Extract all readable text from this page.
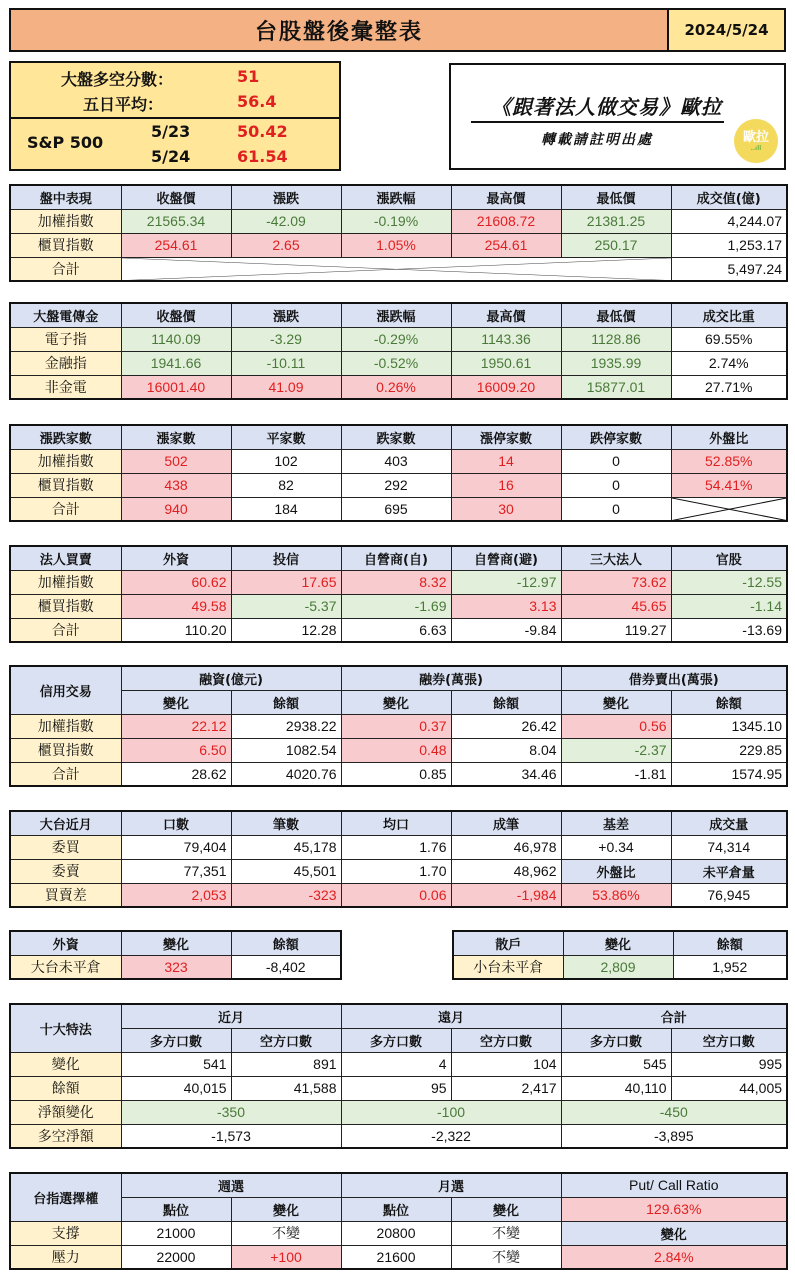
台股盤後彙整表	2024/5/24
大盤多空分數：	51
五日平均：	56.4
S&P 500
5/23	50.42
5/24	61.54
《跟著法人做交易》歐拉
轉載請註明出處	歐拉
..ıll
盤中表現	收盤價	漲跌	漲跌幅	最高價	最低價	成交值(億)
加權指數	21565.34	-42.09	-0.19%	21608.72	21381.25	4,244.07
櫃買指數	254.61	2.65	1.05%	254.61	250.17	1,253.17
合計						5,497.24
大盤電傳金	收盤價	漲跌	漲跌幅	最高價	最低價	成交比重
電子指	1140.09	-3.29	-0.29%	1143.36	1128.86	69.55%
金融指	1941.66	-10.11	-0.52%	1950.61	1935.99	2.74%
非金電	16001.40	41.09	0.26%	16009.20	15877.01	27.71%
漲跌家數	漲家數	平家數	跌家數	漲停家數	跌停家數	外盤比
加權指數	502	102	403	14	0	52.85%
櫃買指數	438	82	292	16	0	54.41%
合計	940	184	695	30	0	
法人買賣	外資	投信	自營商(自)	自營商(避)	三大法人	官股
加權指數	60.62	17.65	8.32	-12.97	73.62	-12.55
櫃買指數	49.58	-5.37	-1.69	3.13	45.65	-1.14
合計	110.20	12.28	6.63	-9.84	119.27	-13.69
信用交易	融資(億元)		融券(萬張)		借券賣出(萬張)	
	變化	餘額	變化	餘額	變化	餘額
加權指數	22.12	2938.22	0.37	26.42	0.56	1345.10
櫃買指數	6.50	1082.54	0.48	8.04	-2.37	229.85
合計	28.62	4020.76	0.85	34.46	-1.81	1574.95
大台近月	口數	筆數	均口	成筆	基差	成交量
委買	79,404	45,178	1.76	46,978	+0.34	74,314
委賣	77,351	45,501	1.70	48,962	外盤比	未平倉量
買賣差	2,053	-323	0.06	-1,984	53.86%	76,945
外資	變化	餘額
大台未平倉	323	-8,402
散戶	變化	餘額
小台未平倉	2,809	1,952
十大特法	近月		遠月		合計	
	多方口數	空方口數	多方口數	空方口數	多方口數	空方口數
變化	541	891	4	104	545	995
餘額	40,015	41,588	95	2,417	40,110	44,005
淨額變化	-350		-100		-450	
多空淨額	-1,573		-2,322		-3,895	
台指選擇權	週選		月選		Put/ Call Ratio
	點位	變化	點位	變化	129.63%
支撐	21000	不變	20800	不變	變化
壓力	22000	+100	21600	不變	2.84%
